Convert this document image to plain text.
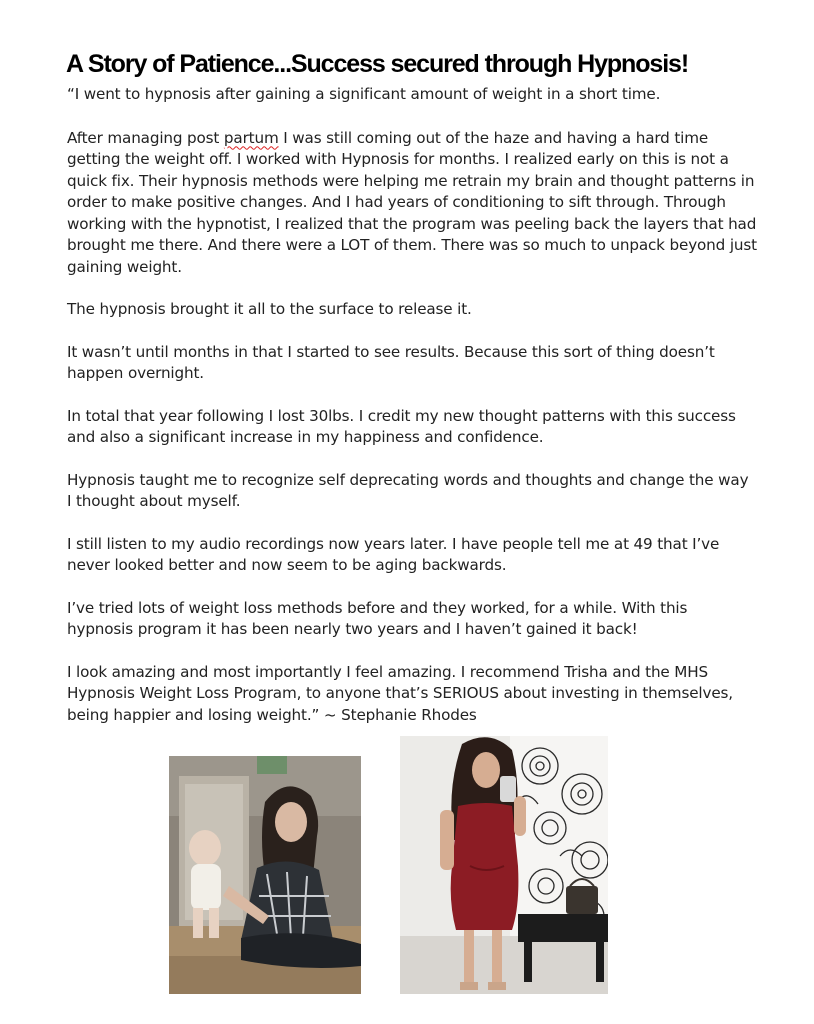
A Story of Patience...Success secured through Hypnosis!

“I went to hypnosis after gaining a significant amount of weight in a short time.

After managing post partum I was still coming out of the haze and having a hard time getting the weight off. I worked with Hypnosis for months. I realized early on this is not a quick fix. Their hypnosis methods were helping me retrain my brain and thought patterns in order to make positive changes. And I had years of conditioning to sift through. Through working with the hypnotist, I realized that the program was peeling back the layers that had brought me there. And there were a LOT of them. There was so much to unpack beyond just gaining weight.

The hypnosis brought it all to the surface to release it.

It wasn’t until months in that I started to see results. Because this sort of thing doesn’t happen overnight.

In total that year following I lost 30lbs. I credit my new thought patterns with this success and also a significant increase in my happiness and confidence.

Hypnosis taught me to recognize self deprecating words and thoughts and change the way I thought about myself.

I still listen to my audio recordings now years later. I have people tell me at 49 that I’ve never looked better and now seem to be aging backwards.

I’ve tried lots of weight loss methods before and they worked, for a while. With this hypnosis program it has been nearly two years and I haven’t gained it back!

I look amazing and most importantly I feel amazing. I recommend Trisha and the MHS Hypnosis Weight Loss Program, to anyone that’s SERIOUS about investing in themselves, being happier and losing weight.” ~ Stephanie Rhodes
